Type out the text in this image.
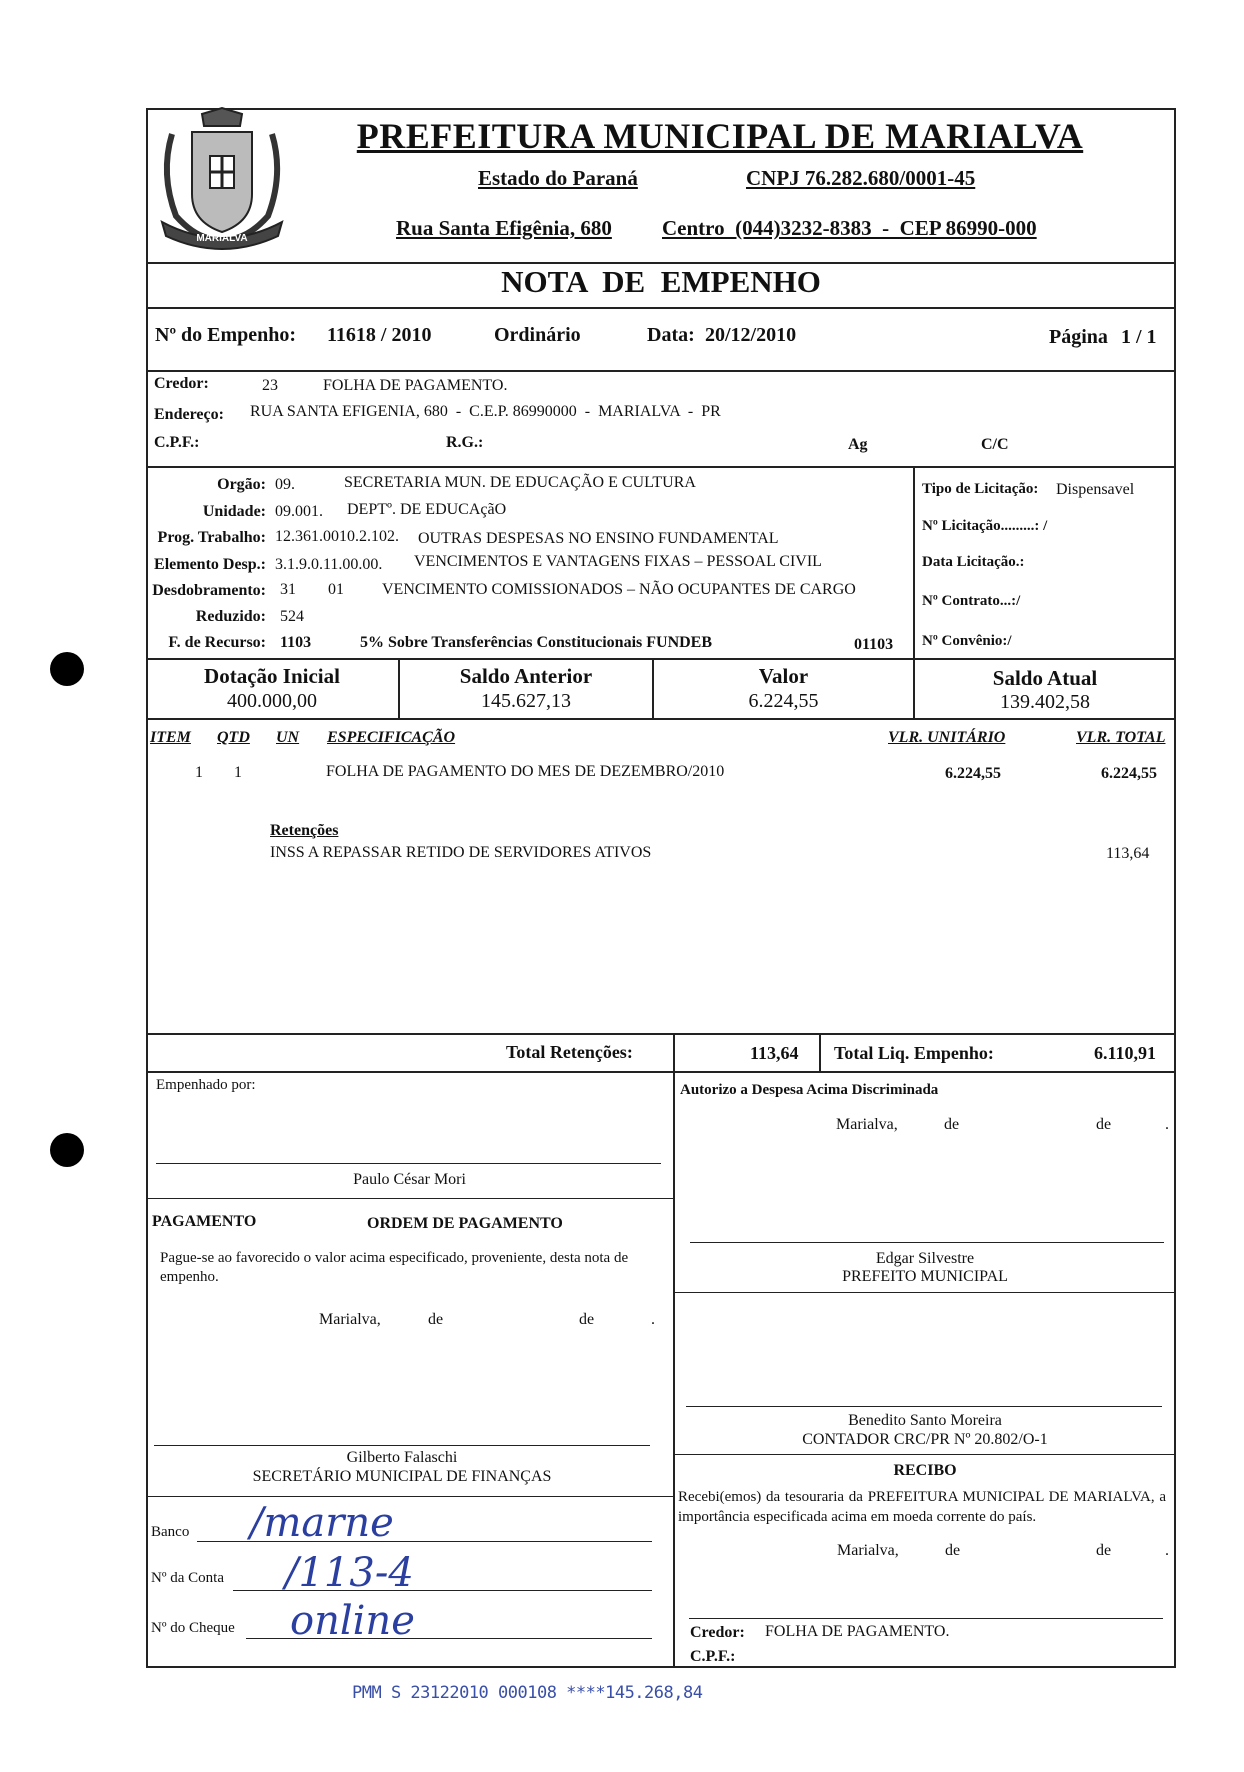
MARIALVA
PREFEITURA MUNICIPAL DE MARIALVA
Estado do Paraná	CNPJ 76.282.680/0001-45
Rua Santa Efigênia, 680 Centro  (044)3232-8383  -  CEP 86990-000
NOTA  DE  EMPENHO
Nº do Empenho: 11618 / 2010	Ordinário	Data: 20/12/2010	Página 1 / 1
Credor:	23	FOLHA DE PAGAMENTO.
Endereço: RUA SANTA EFIGENIA, 680  -  C.E.P. 86990000  -  MARIALVA  -  PR
C.P.F.:	R.G.:	Ag	C/C
Orgão: 09.	SECRETARIA MUN. DE EDUCAÇÃO E CULTURA
Unidade: 09.001. DEPTº. DE EDUCAçãO
Prog. Trabalho: 12.361.0010.2.102. OUTRAS DESPESAS NO ENSINO FUNDAMENTAL
Elemento Desp.: 3.1.9.0.11.00.00. VENCIMENTOS E VANTAGENS FIXAS – PESSOAL CIVIL
Desdobramento: 31 01 VENCIMENTO COMISSIONADOS – NÃO OCUPANTES DE CARGO
Reduzido: 524
F. de Recurso: 1103	5% Sobre Transferências Constitucionais FUNDEB	01103
Tipo de Licitação: Dispensavel
Nº Licitação.........: /
Data Licitação.:
Nº Contrato...:/
Nº Convênio:/
Dotação Inicial
400.000,00
Saldo Anterior
145.627,13
Valor
6.224,55
Saldo Atual
139.402,58
ITEM QTD UN ESPECIFICAÇÃO	VLR. UNITÁRIO	VLR. TOTAL
1 1	FOLHA DE PAGAMENTO DO MES DE DEZEMBRO/2010	6.224,55	6.224,55
Retenções
INSS A REPASSAR RETIDO DE SERVIDORES ATIVOS	113,64
Total Retenções:	113,64 Total Liq. Empenho:	6.110,91
Empenhado por:
Paulo César Mori
PAGAMENTO	ORDEM DE PAGAMENTO
Pague-se ao favorecido o valor acima especificado, proveniente, desta nota de empenho.
Marialva,	de	de	.
Gilberto Falaschi
SECRETÁRIO MUNICIPAL DE FINANÇAS
Banco /marne
Nº da Conta /113-4
Nº do Cheque online
Autorizo a Despesa Acima Discriminada
Marialva,	de	de	.
Edgar Silvestre
PREFEITO MUNICIPAL
Benedito Santo Moreira
CONTADOR CRC/PR Nº 20.802/O-1
RECIBO
Recebi(emos) da tesouraria da PREFEITURA MUNICIPAL DE MARIALVA, a importância especificada acima em moeda corrente do país.
Marialva,	de	de	.
Credor: FOLHA DE PAGAMENTO.
C.P.F.:
PMM S 23122010 000108 ****145.268,84
